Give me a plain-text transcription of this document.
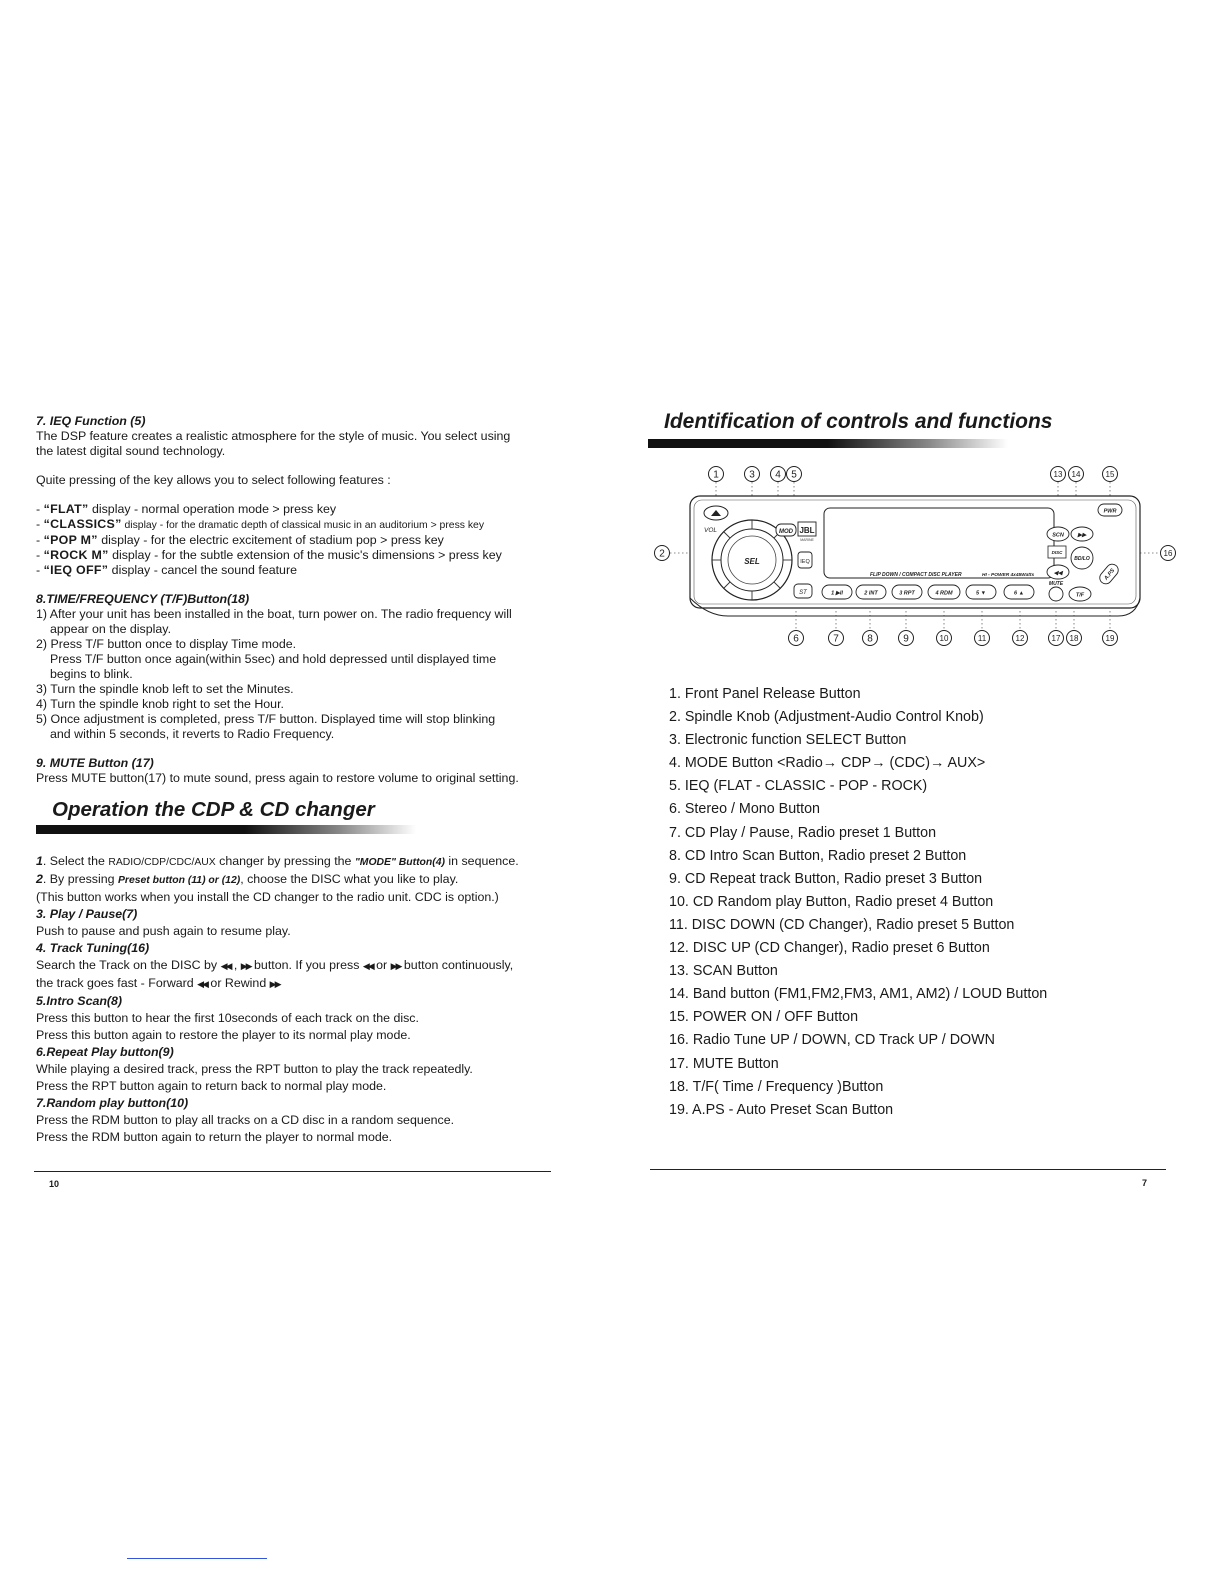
7. IEQ Function (5)

The DSP feature creates a realistic atmosphere for the style of music. You select using

the latest digital sound technology.

Quite pressing of the key allows you to select following features :

- “FLAT” display - normal operation mode > press key

- “CLASSICS” display - for the dramatic depth of classical music in an auditorium > press key

- “POP M” display - for the electric excitement of stadium pop > press key

- “ROCK M” display - for the subtle extension of the music's dimensions > press key

- “IEQ OFF” display - cancel the sound feature

8.TIME/FREQUENCY (T/F)Button(18)

1) After your unit has been installed in the boat, turn power on. The radio frequency will

appear on the display.

2) Press T/F button once to display Time mode.

Press T/F button once again(within 5sec) and hold depressed until displayed time

begins to blink.

3) Turn the spindle knob left to set the Minutes.

4) Turn the spindle knob right to set the Hour.

5) Once adjustment is completed, press T/F button. Displayed time will stop blinking

and within 5 seconds, it reverts to Radio Frequency.

9. MUTE Button (17)

Press MUTE button(17) to mute sound, press again to restore volume to original setting.

Operation the CDP & CD changer

1. Select the RADIO/CDP/CDC/AUX changer by pressing the "MODE" Button(4) in sequence.

2. By pressing Preset button (11) or (12), choose the DISC what you like to play.

(This button works when you install the CD changer to the radio unit. CDC is option.)

3. Play / Pause(7)

Push to pause and push again to resume play.

4. Track Tuning(16)

Search the Track on the DISC by ◀◀ , ▶▶ button. If you press ◀◀ or ▶▶ button continuously,

the track goes fast - Forward ◀◀ or Rewind ▶▶

5.Intro Scan(8)

Press this button to hear the first 10seconds of each track on the disc.

Press this button again to restore the player to its normal play mode.

6.Repeat Play button(9)

While playing a desired track, press the RPT button to play the track repeatedly.

Press the RPT button again to return back to normal play mode.

7.Random play button(10)

Press the RDM button to play all tracks on a CD disc in a random sequence.

Press the RDM button again to return the player to normal mode.

10
Identification of controls and functions
1	3 4 5	13 14	15
2	16
6	7	8	9	10	11	12	17 18	19
VOL
SEL
MOD JBL
MARINE
IEQ
FLIP DOWN / COMPACT DISC PLAYER	HI - POWER 4x45Watts
ST	1 ▶II	2 INT	3 RPT	4 RDM	5 ▼	6 ▲
PWR
SCN	▶▶
DISC
BD/LO
◀◀	A.PS
MUTE
T/F
1. Front Panel Release Button
2. Spindle Knob (Adjustment-Audio Control Knob)
3. Electronic function SELECT Button
4. MODE Button <Radio→ CDP→ (CDC)→ AUX>
5. IEQ (FLAT - CLASSIC - POP - ROCK)
6. Stereo / Mono Button
7. CD Play / Pause, Radio preset 1 Button
8. CD Intro Scan Button, Radio preset 2 Button
9. CD Repeat track Button, Radio preset 3 Button
10. CD Random play Button, Radio preset 4 Button
11. DISC DOWN (CD Changer), Radio preset 5 Button
12. DISC UP (CD Changer), Radio preset 6 Button
13. SCAN Button
14. Band button (FM1,FM2,FM3, AM1, AM2) / LOUD Button
15. POWER ON / OFF Button
16. Radio Tune UP / DOWN, CD Track UP / DOWN
17. MUTE Button
18. T/F( Time / Frequency )Button
19. A.PS - Auto Preset Scan Button
7
